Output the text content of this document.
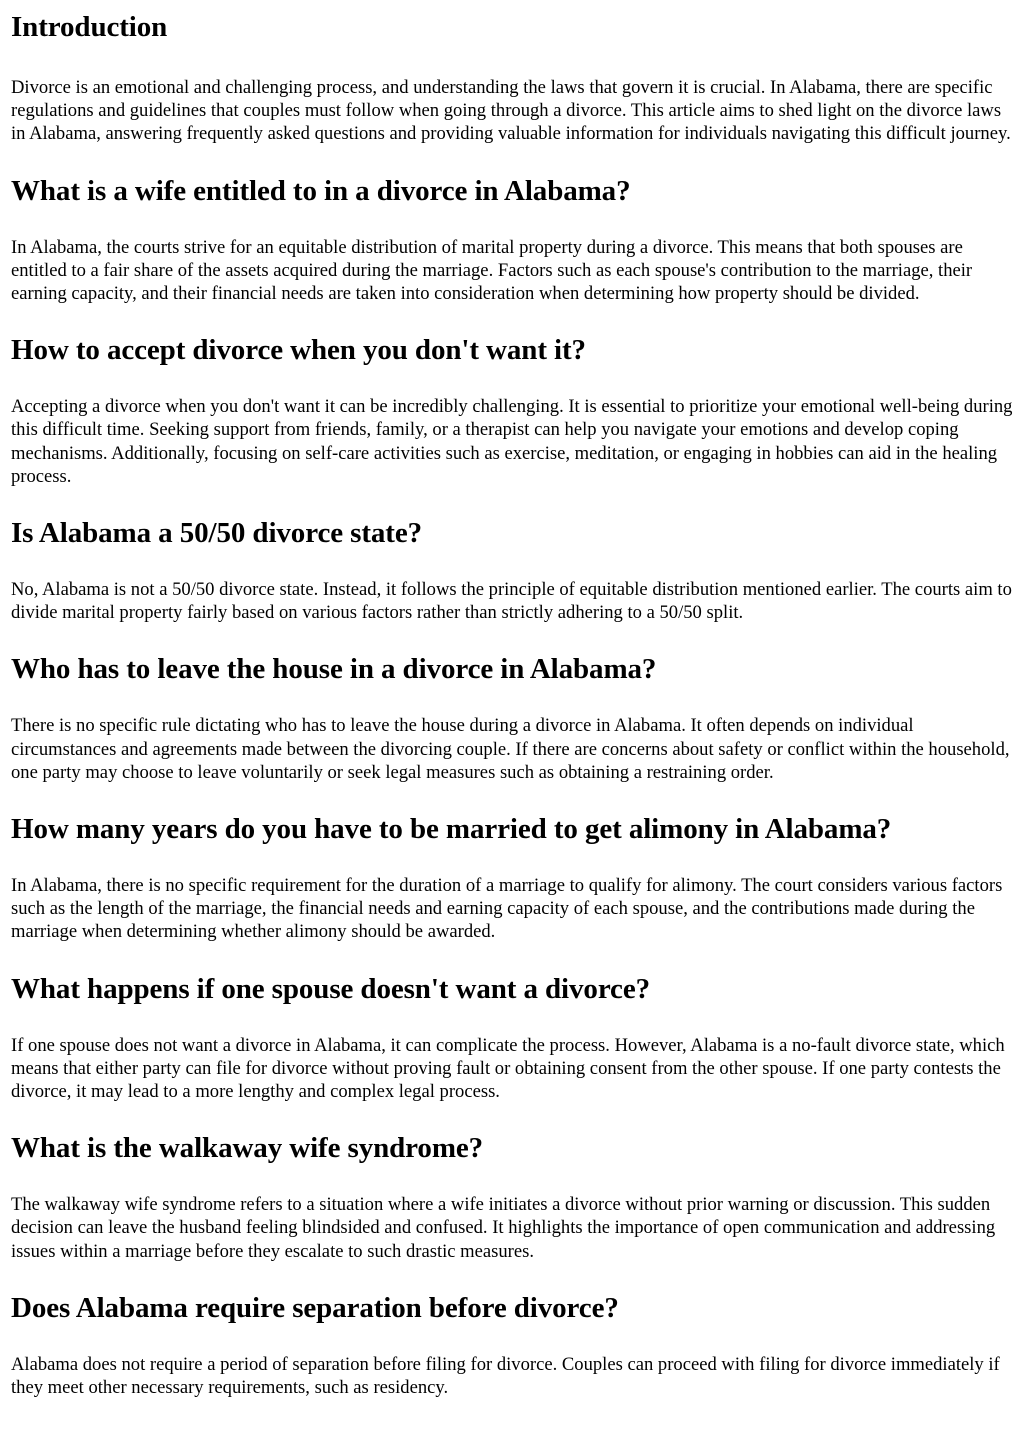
Introduction

Divorce is an emotional and challenging process, and understanding the laws that govern it is crucial. In Alabama, there are specific regulations and guidelines that couples must follow when going through a divorce. This article aims to shed light on the divorce laws in Alabama, answering frequently asked questions and providing valuable information for individuals navigating this difficult journey.

What is a wife entitled to in a divorce in Alabama?

In Alabama, the courts strive for an equitable distribution of marital property during a divorce. This means that both spouses are entitled to a fair share of the assets acquired during the marriage. Factors such as each spouse's contribution to the marriage, their earning capacity, and their financial needs are taken into consideration when determining how property should be divided.

How to accept divorce when you don't want it?

Accepting a divorce when you don't want it can be incredibly challenging. It is essential to prioritize your emotional well-being during this difficult time. Seeking support from friends, family, or a therapist can help you navigate your emotions and develop coping mechanisms. Additionally, focusing on self-care activities such as exercise, meditation, or engaging in hobbies can aid in the healing process.

Is Alabama a 50/50 divorce state?

No, Alabama is not a 50/50 divorce state. Instead, it follows the principle of equitable distribution mentioned earlier. The courts aim to divide marital property fairly based on various factors rather than strictly adhering to a 50/50 split.

Who has to leave the house in a divorce in Alabama?

There is no specific rule dictating who has to leave the house during a divorce in Alabama. It often depends on individual circumstances and agreements made between the divorcing couple. If there are concerns about safety or conflict within the household, one party may choose to leave voluntarily or seek legal measures such as obtaining a restraining order.

How many years do you have to be married to get alimony in Alabama?

In Alabama, there is no specific requirement for the duration of a marriage to qualify for alimony. The court considers various factors such as the length of the marriage, the financial needs and earning capacity of each spouse, and the contributions made during the marriage when determining whether alimony should be awarded.

What happens if one spouse doesn't want a divorce?

If one spouse does not want a divorce in Alabama, it can complicate the process. However, Alabama is a no-fault divorce state, which means that either party can file for divorce without proving fault or obtaining consent from the other spouse. If one party contests the divorce, it may lead to a more lengthy and complex legal process.

What is the walkaway wife syndrome?

The walkaway wife syndrome refers to a situation where a wife initiates a divorce without prior warning or discussion. This sudden decision can leave the husband feeling blindsided and confused. It highlights the importance of open communication and addressing issues within a marriage before they escalate to such drastic measures.

Does Alabama require separation before divorce?

Alabama does not require a period of separation before filing for divorce. Couples can proceed with filing for divorce immediately if they meet other necessary requirements, such as residency.
